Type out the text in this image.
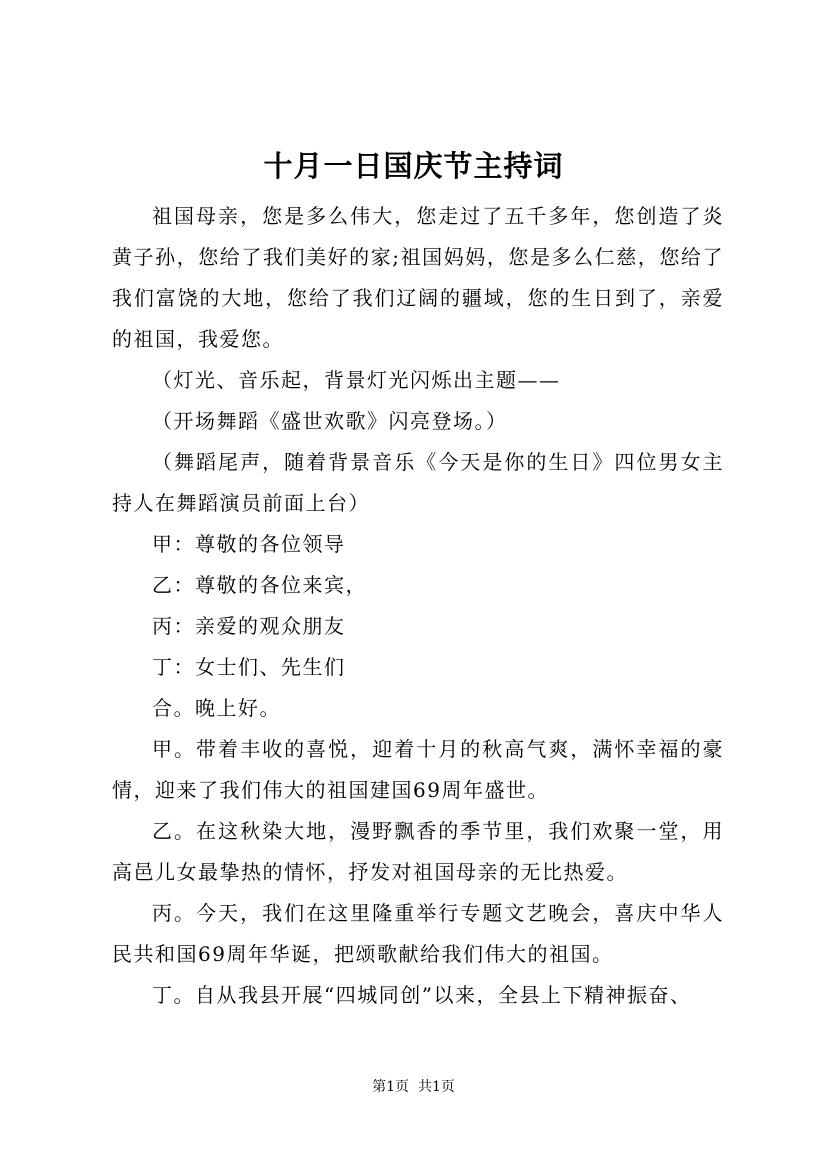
十月一日国庆节主持词

祖国母亲，您是多么伟大，您走过了五千多年，您创造了炎黄子孙，您给了我们美好的家;祖国妈妈，您是多么仁慈，您给了我们富饶的大地，您给了我们辽阔的疆域，您的生日到了，亲爱的祖国，我爱您。

（灯光、音乐起，背景灯光闪烁出主题——

（开场舞蹈《盛世欢歌》闪亮登场。）

（舞蹈尾声，随着背景音乐《今天是你的生日》四位男女主持人在舞蹈演员前面上台）

甲：尊敬的各位领导

乙：尊敬的各位来宾，

丙：亲爱的观众朋友

丁：女士们、先生们

合。晚上好。

甲。带着丰收的喜悦，迎着十月的秋高气爽，满怀幸福的豪情，迎来了我们伟大的祖国建国69周年盛世。

乙。在这秋染大地，漫野飘香的季节里，我们欢聚一堂，用高邑儿女最挚热的情怀，抒发对祖国母亲的无比热爱。

丙。今天，我们在这里隆重举行专题文艺晚会，喜庆中华人民共和国69周年华诞，把颂歌献给我们伟大的祖国。

丁。自从我县开展“四城同创”以来，全县上下精神振奋、

第1页  共1页
